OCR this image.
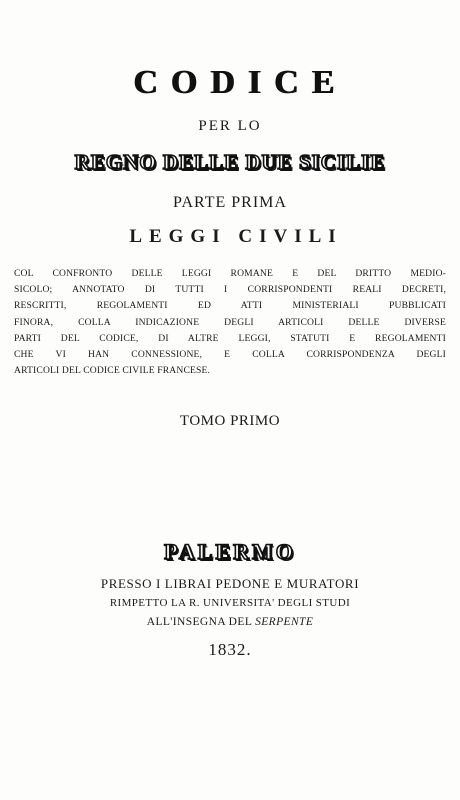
CODICE
PER LO
REGNO DELLE DUE SICILIE
PARTE PRIMA
LEGGI CIVILI
COL CONFRONTO DELLE LEGGI ROMANE E DEL DRITTO MEDIO-
SICOLO; ANNOTATO DI TUTTI I CORRISPONDENTI REALI DECRETI,
RESCRITTI, REGOLAMENTI ED ATTI MINISTERIALI PUBBLICATI
FINORA, COLLA INDICAZIONE DEGLI ARTICOLI DELLE DIVERSE
PARTI DEL CODICE, DI ALTRE LEGGI, STATUTI E REGOLAMENTI
CHE VI HAN CONNESSIONE, E COLLA CORRISPONDENZA DEGLI
ARTICOLI DEL CODICE CIVILE FRANCESE.
TOMO PRIMO
PALERMO
PRESSO I LIBRAI PEDONE E MURATORI
RIMPETTO LA R. UNIVERSITA' DEGLI STUDI
ALL'INSEGNA DEL SERPENTE
1832.
